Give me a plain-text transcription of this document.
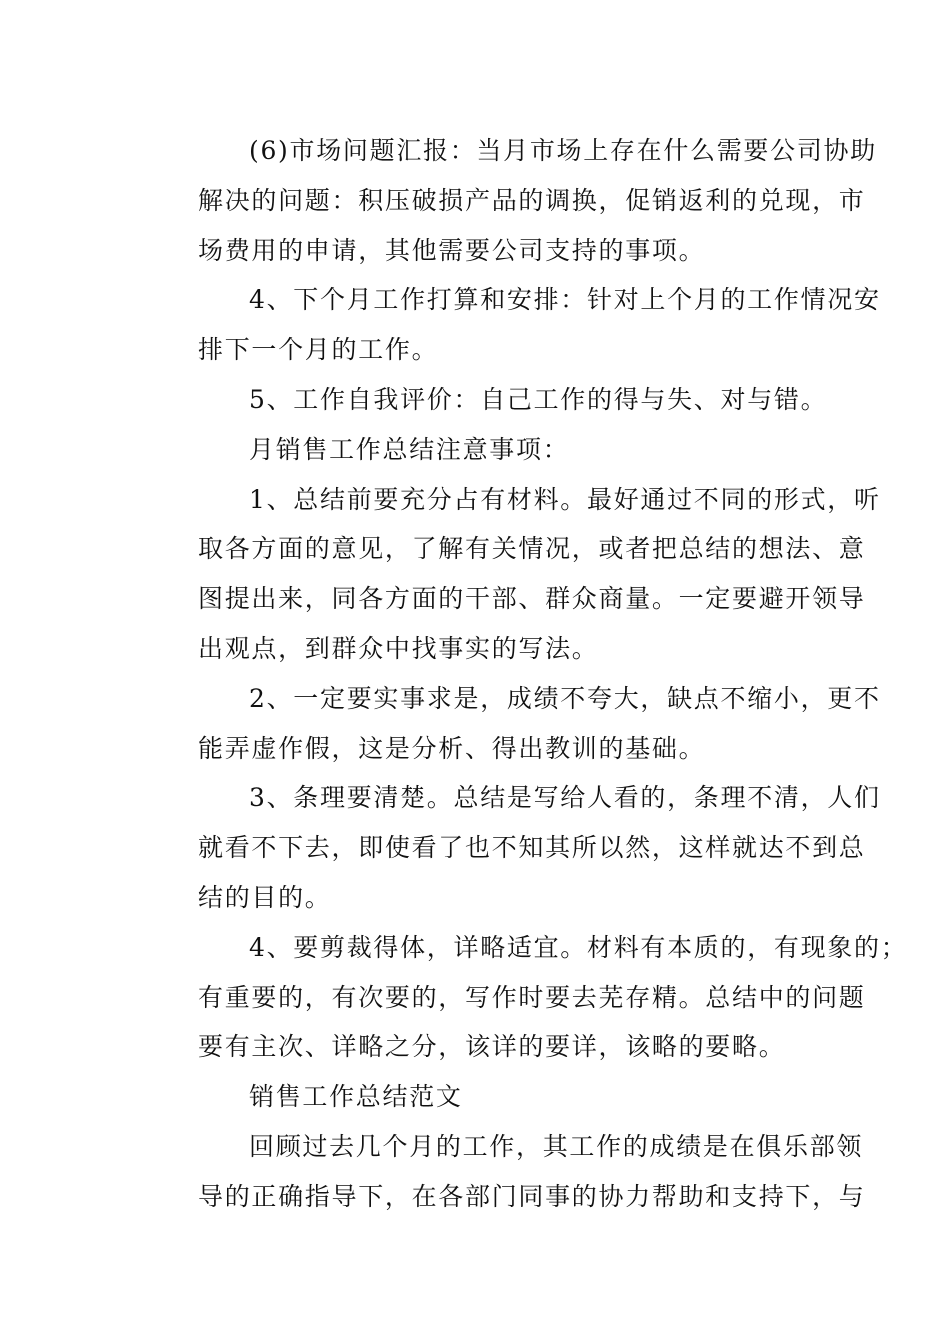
(6)市场问题汇报：当月市场上存在什么需要公司协助
解决的问题：积压破损产品的调换，促销返利的兑现，市
场费用的申请，其他需要公司支持的事项。

4、下个月工作打算和安排：针对上个月的工作情况安
排下一个月的工作。

5、工作自我评价：自己工作的得与失、对与错。

月销售工作总结注意事项：

1、总结前要充分占有材料。最好通过不同的形式，听
取各方面的意见，了解有关情况，或者把总结的想法、意
图提出来，同各方面的干部、群众商量。一定要避开领导
出观点，到群众中找事实的写法。

2、一定要实事求是，成绩不夸大，缺点不缩小，更不
能弄虚作假，这是分析、得出教训的基础。

3、条理要清楚。总结是写给人看的，条理不清，人们
就看不下去，即使看了也不知其所以然，这样就达不到总
结的目的。

4、要剪裁得体，详略适宜。材料有本质的，有现象的；
有重要的，有次要的，写作时要去芜存精。总结中的问题
要有主次、详略之分，该详的要详，该略的要略。

销售工作总结范文

回顾过去几个月的工作，其工作的成绩是在俱乐部领
导的正确指导下，在各部门同事的协力帮助和支持下，与
